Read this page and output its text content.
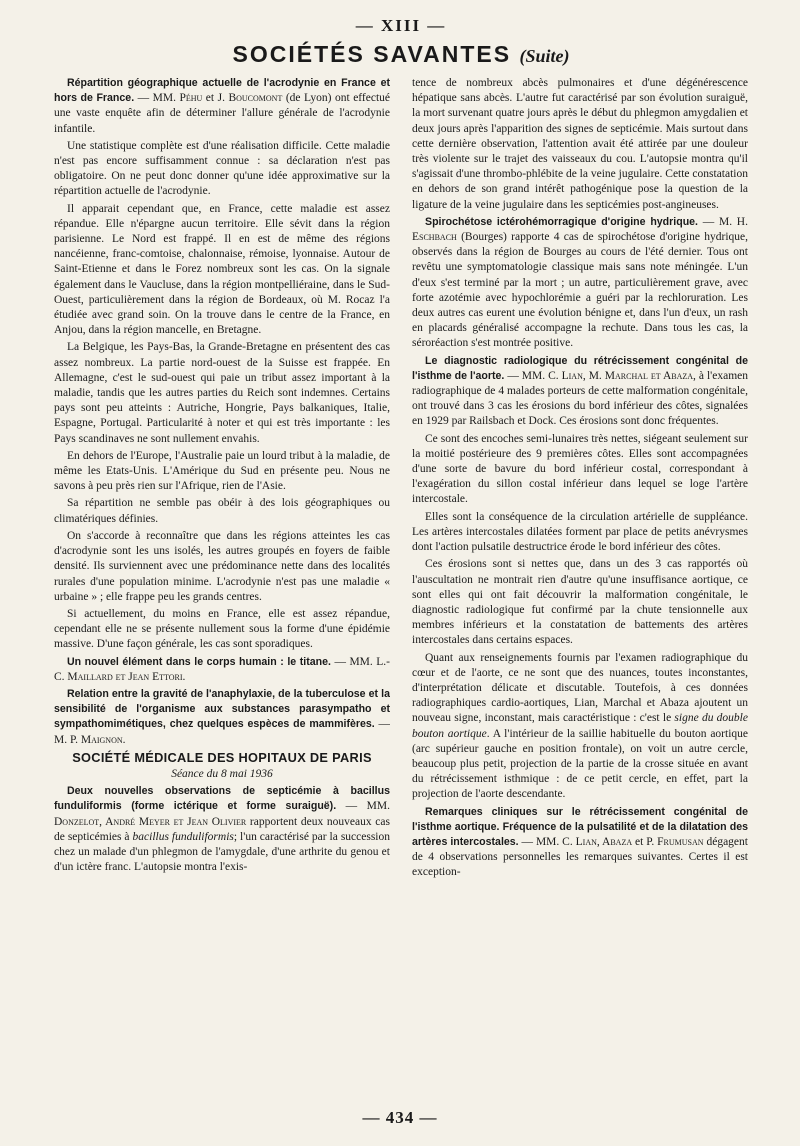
— XIII —
SOCIÉTÉS SAVANTES (Suite)

Répartition géographique actuelle de l'acrodynie en France et hors de France. — MM. Péhu et J. Boucomont (de Lyon) ont effectué une vaste enquête afin de déterminer l'allure générale de l'acrodynie infantile.

Une statistique complète est d'une réalisation difficile. Cette maladie n'est pas encore suffisamment connue : sa déclaration n'est pas obligatoire. On ne peut donc donner qu'une idée approximative sur la répartition actuelle de l'acrodynie.

Il apparait cependant que, en France, cette maladie est assez répandue. Elle n'épargne aucun territoire. Elle sévit dans la région parisienne. Le Nord est frappé. Il en est de même des régions nancéienne, franc-comtoise, chalonnaise, rémoise, lyonnaise. Autour de Saint-Etienne et dans le Forez nombreux sont les cas. On la signale également dans le Vaucluse, dans la région montpelliéraine, dans le Sud-Ouest, particulièrement dans la région de Bordeaux, où M. Rocaz l'a étudiée avec grand soin. On la trouve dans le centre de la France, en Anjou, dans la région mancelle, en Bretagne.

La Belgique, les Pays-Bas, la Grande-Bretagne en présentent des cas assez nombreux. La partie nord-ouest de la Suisse est frappée. En Allemagne, c'est le sud-ouest qui paie un tribut assez important à la maladie, tandis que les autres parties du Reich sont indemnes. Certains pays sont peu atteints : Autriche, Hongrie, Pays balkaniques, Italie, Espagne, Portugal. Particularité à noter et qui est très importante : les Pays scandinaves ne sont nullement envahis.

En dehors de l'Europe, l'Australie paie un lourd tribut à la maladie, de même les Etats-Unis. L'Amérique du Sud en présente peu. Nous ne savons à peu près rien sur l'Afrique, rien de l'Asie.

Sa répartition ne semble pas obéir à des lois géographiques ou climatériques définies.

On s'accorde à reconnaître que dans les régions atteintes les cas d'acrodynie sont les uns isolés, les autres groupés en foyers de faible densité. Ils surviennent avec une prédominance nette dans des localités rurales d'une population minime. L'acrodynie n'est pas une maladie « urbaine » ; elle frappe peu les grands centres.

Si actuellement, du moins en France, elle est assez répandue, cependant elle ne se présente nullement sous la forme d'une épidémie massive. D'une façon générale, les cas sont sporadiques.

Un nouvel élément dans le corps humain : le titane. — MM. L.-C. Maillard et Jean Ettori.

Relation entre la gravité de l'anaphylaxie, de la tuberculose et la sensibilité de l'organisme aux substances parasympatho et sympathomimétiques, chez quelques espèces de mammifères. — M. P. Maignon.

SOCIÉTÉ MÉDICALE DES HOPITAUX DE PARIS

Séance du 8 mai 1936

Deux nouvelles observations de septicémie à bacillus funduliformis (forme ictérique et forme suraiguë). — MM. Donzelot, André Meyer et Jean Olivier rapportent deux nouveaux cas de septicémies à bacillus funduliformis; l'un caractérisé par la succession chez un malade d'un phlegmon de l'amygdale, d'une arthrite du genou et d'un ictère franc. L'autopsie montra l'exis-

tence de nombreux abcès pulmonaires et d'une dégénérescence hépatique sans abcès. L'autre fut caractérisé par son évolution suraiguë, la mort survenant quatre jours après le début du phlegmon amygdalien et deux jours après l'apparition des signes de septicémie. Mais surtout dans cette dernière observation, l'attention avait été attirée par une douleur très violente sur le trajet des vaisseaux du cou. L'autopsie montra qu'il s'agissait d'une thrombo-phlébite de la veine jugulaire. Cette constatation en dehors de son grand intérêt pathogénique pose la question de la ligature de la veine jugulaire dans les septicémies post-angineuses.

Spirochétose ictérohémorragique d'origine hydrique. — M. H. Eschbach (Bourges) rapporte 4 cas de spirochétose d'origine hydrique, observés dans la région de Bourges au cours de l'été dernier. Tous ont revêtu une symptomatologie classique mais sans note méningée. L'un d'eux s'est terminé par la mort ; un autre, particulièrement grave, avec forte azotémie avec hypochlorémie a guéri par la rechloruration. Les deux autres cas eurent une évolution bénigne et, dans l'un d'eux, un rash en placards généralisé accompagne la rechute. Dans tous les cas, la séroréaction s'est montrée positive.

Le diagnostic radiologique du rétrécissement congénital de l'isthme de l'aorte. — MM. C. Lian, M. Marchal et Abaza, à l'examen radiographique de 4 malades porteurs de cette malformation congénitale, ont trouvé dans 3 cas les érosions du bord inférieur des côtes, signalées en 1929 par Railsbach et Dock. Ces érosions sont donc fréquentes.

Ce sont des encoches semi-lunaires très nettes, siégeant seulement sur la moitié postérieure des 9 premières côtes. Elles sont accompagnées d'une sorte de bavure du bord inférieur costal, correspondant à l'exagération du sillon costal inférieur dans lequel se loge l'artère intercostale.

Elles sont la conséquence de la circulation artérielle de suppléance. Les artères intercostales dilatées forment par place de petits anévrysmes dont l'action pulsatile destructrice érode le bord inférieur des côtes.

Ces érosions sont si nettes que, dans un des 3 cas rapportés où l'auscultation ne montrait rien d'autre qu'une insuffisance aortique, ce sont elles qui ont fait découvrir la malformation congénitale, le diagnostic radiologique fut confirmé par la chute tensionnelle aux membres inférieurs et la constatation de battements des artères intercostales dans certains espaces.

Quant aux renseignements fournis par l'examen radiographique du cœur et de l'aorte, ce ne sont que des nuances, toutes inconstantes, d'interprétation délicate et discutable. Toutefois, à ces données radiographiques cardio-aortiques, Lian, Marchal et Abaza ajoutent un nouveau signe, inconstant, mais caractéristique : c'est le signe du double bouton aortique. A l'intérieur de la saillie habituelle du bouton aortique (arc supérieur gauche en position frontale), on voit un autre cercle, beaucoup plus petit, projection de la partie de la crosse située en avant du rétrécissement isthmique : de ce petit cercle, en effet, part la projection de l'aorte descendante.

Remarques cliniques sur le rétrécissement congénital de l'isthme aortique. Fréquence de la pulsatilité et de la dilatation des artères intercostales. — MM. C. Lian, Abaza et P. Frumusan dégagent de 4 observations personnelles les remarques suivantes. Certes il est exception-

— 434 —
